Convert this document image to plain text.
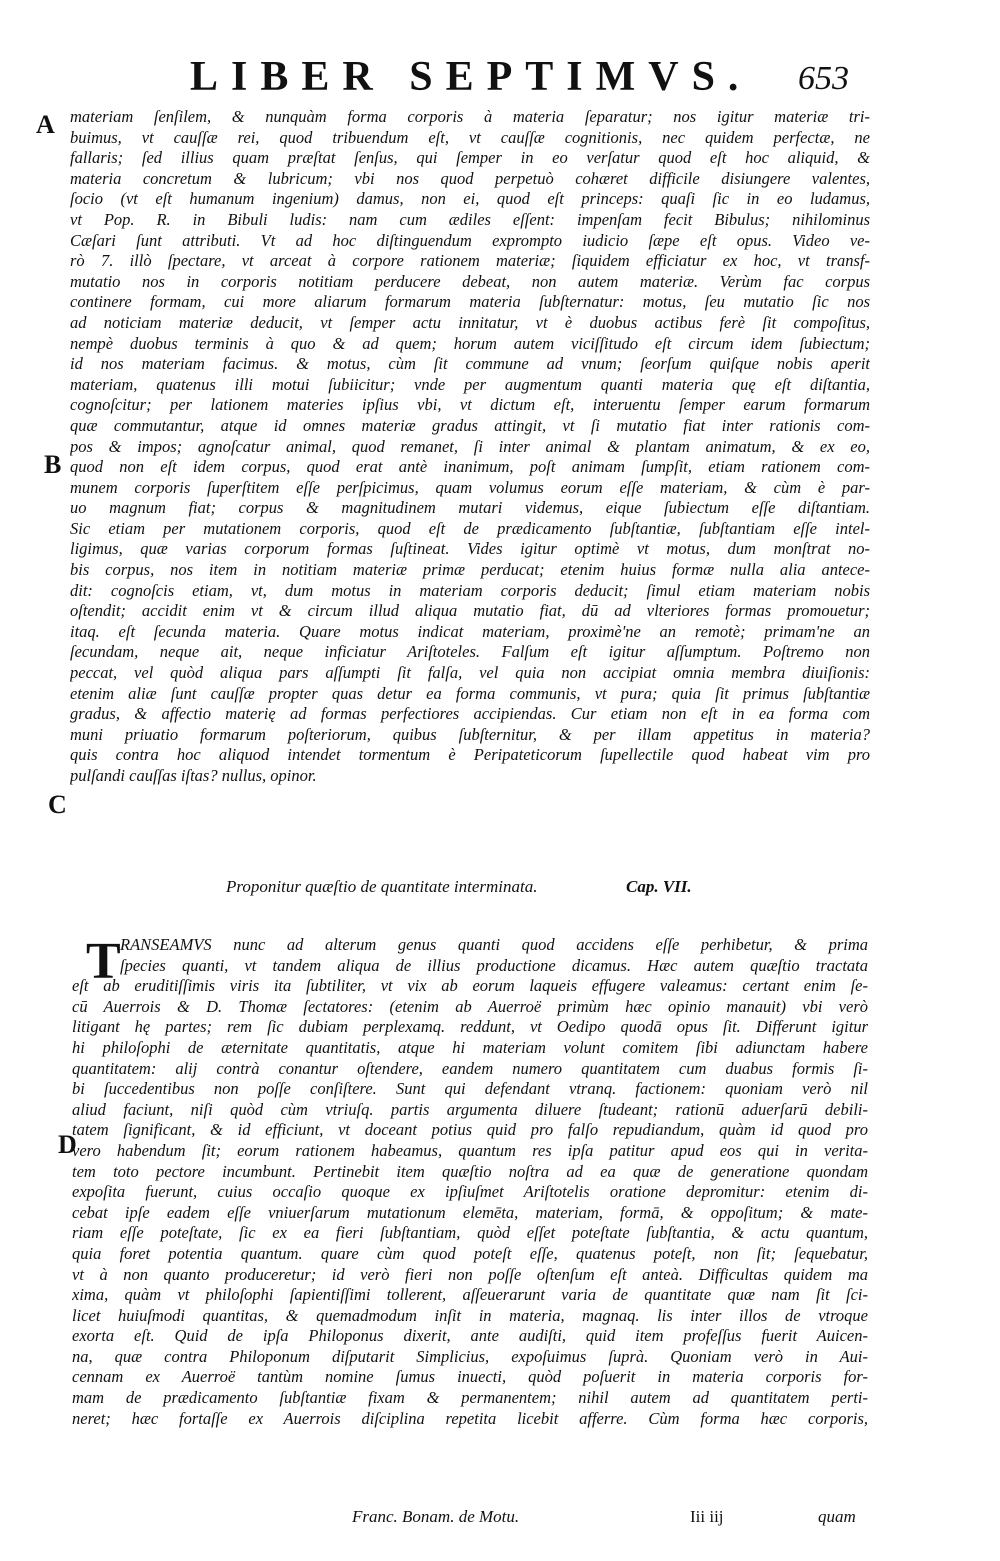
LIBER SEPTIMVS. 653
A
B
C
D
materiam ſenſilem, & nunquàm forma corporis à materia ſeparatur; nos igitur materiæ tri-
buimus, vt cauſſæ rei, quod tribuendum eſt, vt cauſſæ cognitionis, nec quidem perfectæ, ne
fallaris; ſed illius quam præſtat ſenſus, qui ſemper in eo verſatur quod eſt hoc aliquid, &
materia concretum & lubricum; vbi nos quod perpetuò cohæret difficile disiungere valentes,
ſocio (vt eſt humanum ingenium) damus, non ei, quod eſt princeps: quaſi ſic in eo ludamus,
vt Pop. R. in Bibuli ludis: nam cum ædiles eſſent: impenſam fecit Bibulus; nihilominus
Cæſari ſunt attributi. Vt ad hoc diſtinguendum exprompto iudicio ſæpe eſt opus. Video ve-
rò 7. illò ſpectare, vt arceat à corpore rationem materiæ; ſiquidem efficiatur ex hoc, vt transf-
mutatio nos in corporis notitiam perducere debeat, non autem materiæ. Verùm fac corpus
continere formam, cui more aliarum formarum materia ſubſternatur: motus, ſeu mutatio ſic nos
ad noticiam materiæ deducit, vt ſemper actu innitatur, vt è duobus actibus ferè ſit compoſitus,
nempè duobus terminis à quo & ad quem; horum autem viciſſitudo eſt circum idem ſubiectum;
id nos materiam facimus. & motus, cùm ſit commune ad vnum; ſeorſum quiſque nobis aperit
materiam, quatenus illi motui ſubiicitur; vnde per augmentum quanti materia quę eſt diſtantia,
cognoſcitur; per lationem materies ipſius vbi, vt dictum eſt, interuentu ſemper earum formarum
quæ commutantur, atque id omnes materiæ gradus attingit, vt ſi mutatio fiat inter rationis com-
pos & impos; agnoſcatur animal, quod remanet, ſi inter animal & plantam animatum, & ex eo,
quod non eſt idem corpus, quod erat antè inanimum, poſt animam ſumpſit, etiam rationem com-
munem corporis ſuperſtitem eſſe perſpicimus, quam volumus eorum eſſe materiam, & cùm è par-
uo magnum fiat; corpus & magnitudinem mutari videmus, eique ſubiectum eſſe diſtantiam.
Sic etiam per mutationem corporis, quod eſt de prædicamento ſubſtantiæ, ſubſtantiam eſſe intel-
ligimus, quæ varias corporum formas ſuſtineat. Vides igitur optimè vt motus, dum monſtrat no-
bis corpus, nos item in notitiam materiæ primæ perducat; etenim huius formæ nulla alia antece-
dit: cognoſcis etiam, vt, dum motus in materiam corporis deducit; ſimul etiam materiam nobis
oſtendit; accidit enim vt & circum illud aliqua mutatio fiat, dū ad vlteriores formas promouetur;
itaq. eſt ſecunda materia. Quare motus indicat materiam, proximè'ne an remotè; primam'ne an
ſecundam, neque ait, neque inficiatur Ariſtoteles. Falſum eſt igitur aſſumptum. Poſtremo non
peccat, vel quòd aliqua pars aſſumpti ſit falſa, vel quia non accipiat omnia membra diuiſionis:
etenim aliæ ſunt cauſſæ propter quas detur ea forma communis, vt pura; quia ſit primus ſubſtantiæ
gradus, & affectio materię ad formas perfectiores accipiendas. Cur etiam non eſt in ea forma com
muni priuatio formarum poſteriorum, quibus ſubſternitur, & per illam appetitus in materia?
quis contra hoc aliquod intendet tormentum è Peripateticorum ſupellectile quod habeat vim pro
pulſandi cauſſas iſtas? nullus, opinor.
Proponitur quæſtio de quantitate interminata.	Cap. VII.
T RANSEAMVS nunc ad alterum genus quanti quod accidens eſſe perhibetur, & prima
ſpecies quanti, vt tandem aliqua de illius productione dicamus. Hæc autem quæſtio tractata
eſt ab eruditiſſimis viris ita ſubtiliter, vt vix ab eorum laqueis effugere valeamus: certant enim ſe-
cū Auerrois & D. Thomæ ſectatores: (etenim ab Auerroë primùm hæc opinio manauit) vbi verò
litigant hę partes; rem ſic dubiam perplexamq. reddunt, vt Oedipo quodā opus ſit. Differunt igitur
hi philoſophi de æternitate quantitatis, atque hi materiam volunt comitem ſibi adiunctam habere
quantitatem: alij contrà conantur oſtendere, eandem numero quantitatem cum duabus formis ſi-
bi ſuccedentibus non poſſe conſiſtere. Sunt qui defendant vtranq. factionem: quoniam verò nil
aliud faciunt, niſi quòd cùm vtriuſq. partis argumenta diluere ſtudeant; rationū aduerſarū debili-
tatem ſignificant, & id efficiunt, vt doceant potius quid pro falſo repudiandum, quàm id quod pro
vero habendum ſit; eorum rationem habeamus, quantum res ipſa patitur apud eos qui in verita-
tem toto pectore incumbunt. Pertinebit item quæſtio noſtra ad ea quæ de generatione quondam
expoſita fuerunt, cuius occaſio quoque ex ipſiuſmet Ariſtotelis oratione depromitur: etenim di-
cebat ipſe eadem eſſe vniuerſarum mutationum elemēta, materiam, formā, & oppoſitum; & mate-
riam eſſe poteſtate, ſic ex ea fieri ſubſtantiam, quòd eſſet poteſtate ſubſtantia, & actu quantum,
quia foret potentia quantum. quare cùm quod poteſt eſſe, quatenus poteſt, non ſit; ſequebatur,
vt à non quanto produceretur; id verò fieri non poſſe oſtenſum eſt anteà. Difficultas quidem ma
xima, quàm vt philoſophi ſapientiſſimi tollerent, aſſeuerarunt varia de quantitate quæ nam ſit ſci-
licet huiuſmodi quantitas, & quemadmodum inſit in materia, magnaq. lis inter illos de vtroque
exorta eſt. Quid de ipſa Philoponus dixerit, ante audiſti, quid item profeſſus fuerit Auicen-
na, quæ contra Philoponum diſputarit Simplicius, expoſuimus ſuprà. Quoniam verò in Aui-
cennam ex Auerroë tantùm nomine ſumus inuecti, quòd poſuerit in materia corporis for-
mam de prædicamento ſubſtantiæ fixam & permanentem; nihil autem ad quantitatem perti-
neret; hæc fortaſſe ex Auerrois diſciplina repetita licebit afferre. Cùm forma hæc corporis,
Franc. Bonam. de Motu.	Iii iij	quam
